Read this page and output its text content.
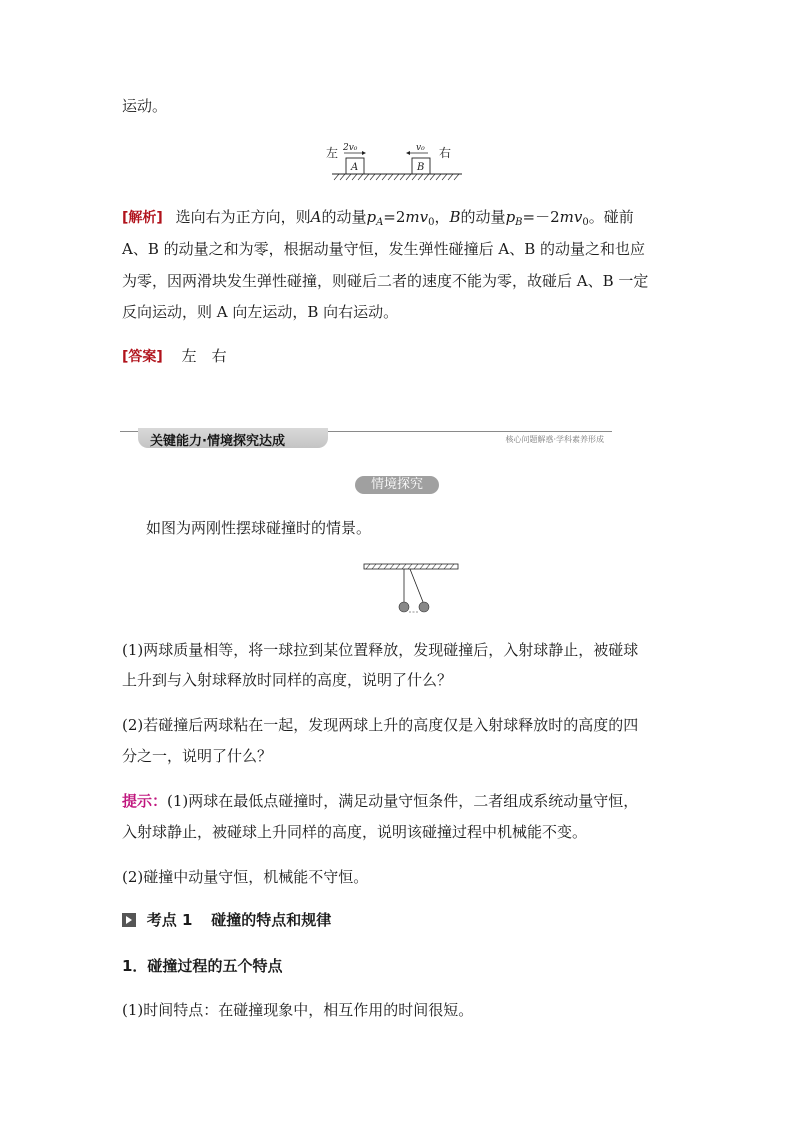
运动。
左	右
2v₀	v₀
A	B
[解析] 选向右为正方向，则A的动量$p_A=2mv_0$，B的动量$p_B=-2mv_0$。碰前
A、B 的动量之和为零，根据动量守恒，发生弹性碰撞后 A、B 的动量之和也应
为零，因两滑块发生弹性碰撞，则碰后二者的速度不能为零，故碰后 A、B 一定
反向运动，则 A 向左运动，B 向右运动。
[答案] 左　右
关键能力·情境探究达成	核心问题解惑·学科素养形成
情境探究
如图为两刚性摆球碰撞时的情景。
(1)两球质量相等，将一球拉到某位置释放，发现碰撞后，入射球静止，被碰球
上升到与入射球释放时同样的高度，说明了什么？
(2)若碰撞后两球粘在一起，发现两球上升的高度仅是入射球释放时的高度的四
分之一，说明了什么？
提示：(1)两球在最低点碰撞时，满足动量守恒条件，二者组成系统动量守恒，
入射球静止，被碰球上升同样的高度，说明该碰撞过程中机械能不变。
(2)碰撞中动量守恒，机械能不守恒。
考点 1 碰撞的特点和规律
1．碰撞过程的五个特点
(1)时间特点：在碰撞现象中，相互作用的时间很短。
